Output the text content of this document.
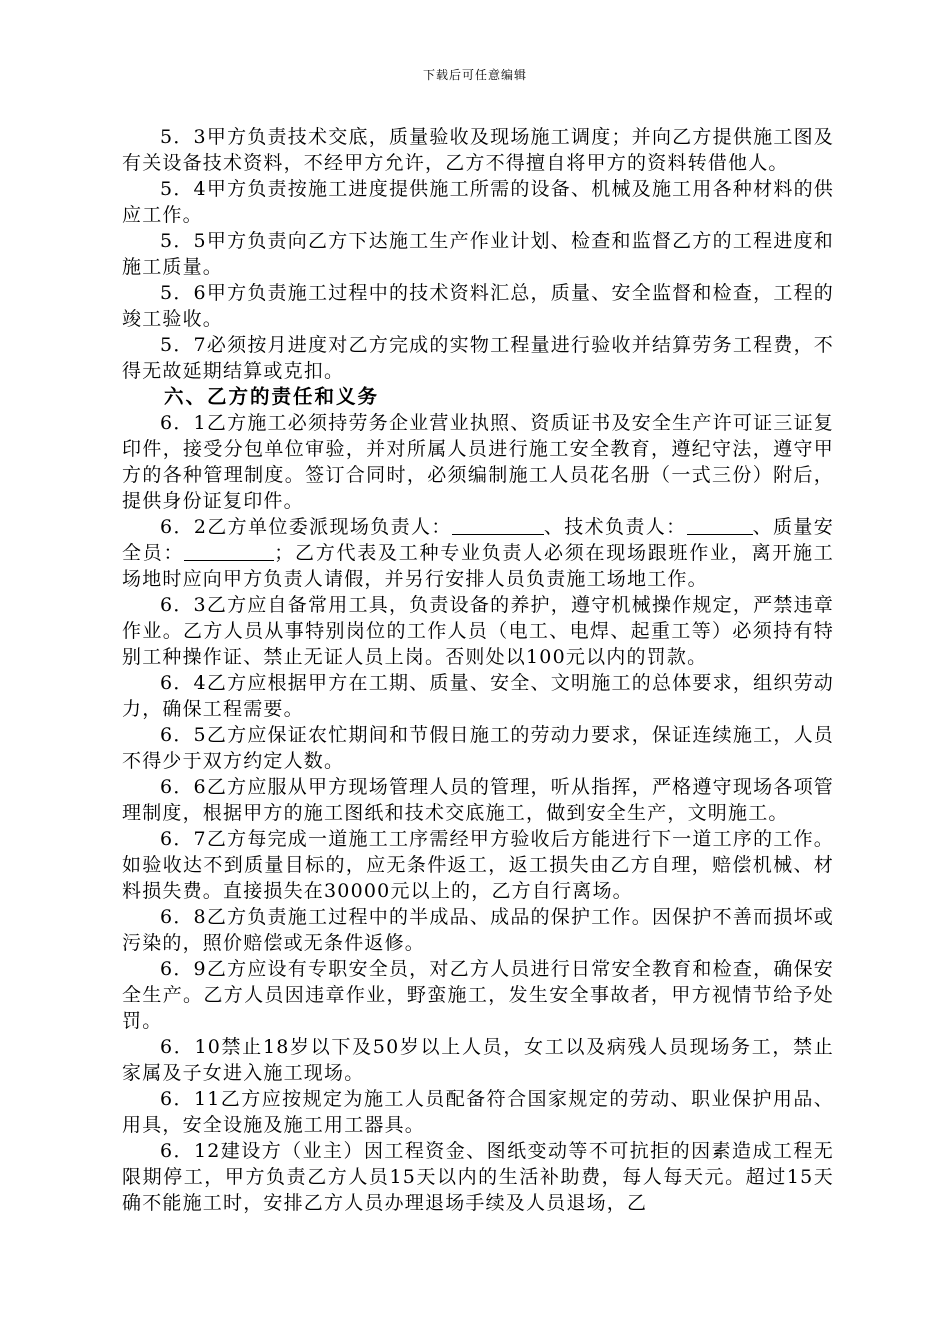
下载后可任意编辑

5．3甲方负责技术交底，质量验收及现场施工调度；并向乙方提供施工图及有关设备技术资料，不经甲方允许，乙方不得擅自将甲方的资料转借他人。

5．4甲方负责按施工进度提供施工所需的设备、机械及施工用各种材料的供应工作。

5．5甲方负责向乙方下达施工生产作业计划、检查和监督乙方的工程进度和施工质量。

5．6甲方负责施工过程中的技术资料汇总，质量、安全监督和检查，工程的竣工验收。

5．7必须按月进度对乙方完成的实物工程量进行验收并结算劳务工程费，不得无故延期结算或克扣。

六、乙方的责任和义务

6．1乙方施工必须持劳务企业营业执照、资质证书及安全生产许可证三证复印件，接受分包单位审验，并对所属人员进行施工安全教育，遵纪守法，遵守甲方的各种管理制度。签订合同时，必须编制施工人员花名册（一式三份）附后，提供身份证复印件。

6．2乙方单位委派现场负责人：	、技术负责人：	、质量安全员：	；乙方代表及工种专业负责人必须在现场跟班作业，离开施工场地时应向甲方负责人请假，并另行安排人员负责施工场地工作。

6．3乙方应自备常用工具，负责设备的养护，遵守机械操作规定，严禁违章作业。乙方人员从事特别岗位的工作人员（电工、电焊、起重工等）必须持有特别工种操作证、禁止无证人员上岗。否则处以100元以内的罚款。

6．4乙方应根据甲方在工期、质量、安全、文明施工的总体要求，组织劳动力，确保工程需要。

6．5乙方应保证农忙期间和节假日施工的劳动力要求，保证连续施工，人员不得少于双方约定人数。

6．6乙方应服从甲方现场管理人员的管理，听从指挥，严格遵守现场各项管理制度，根据甲方的施工图纸和技术交底施工，做到安全生产，文明施工。

6．7乙方每完成一道施工工序需经甲方验收后方能进行下一道工序的工作。如验收达不到质量目标的，应无条件返工，返工损失由乙方自理，赔偿机械、材料损失费。直接损失在30000元以上的，乙方自行离场。

6．8乙方负责施工过程中的半成品、成品的保护工作。因保护不善而损坏或污染的，照价赔偿或无条件返修。

6．9乙方应设有专职安全员，对乙方人员进行日常安全教育和检查，确保安全生产。乙方人员因违章作业，野蛮施工，发生安全事故者，甲方视情节给予处罚。

6．10禁止18岁以下及50岁以上人员，女工以及病残人员现场务工，禁止家属及子女进入施工现场。

6．11乙方应按规定为施工人员配备符合国家规定的劳动、职业保护用品、用具，安全设施及施工用工器具。

6．12建设方（业主）因工程资金、图纸变动等不可抗拒的因素造成工程无限期停工，甲方负责乙方人员15天以内的生活补助费，每人每天元。超过15天确不能施工时，安排乙方人员办理退场手续及人员退场，乙
